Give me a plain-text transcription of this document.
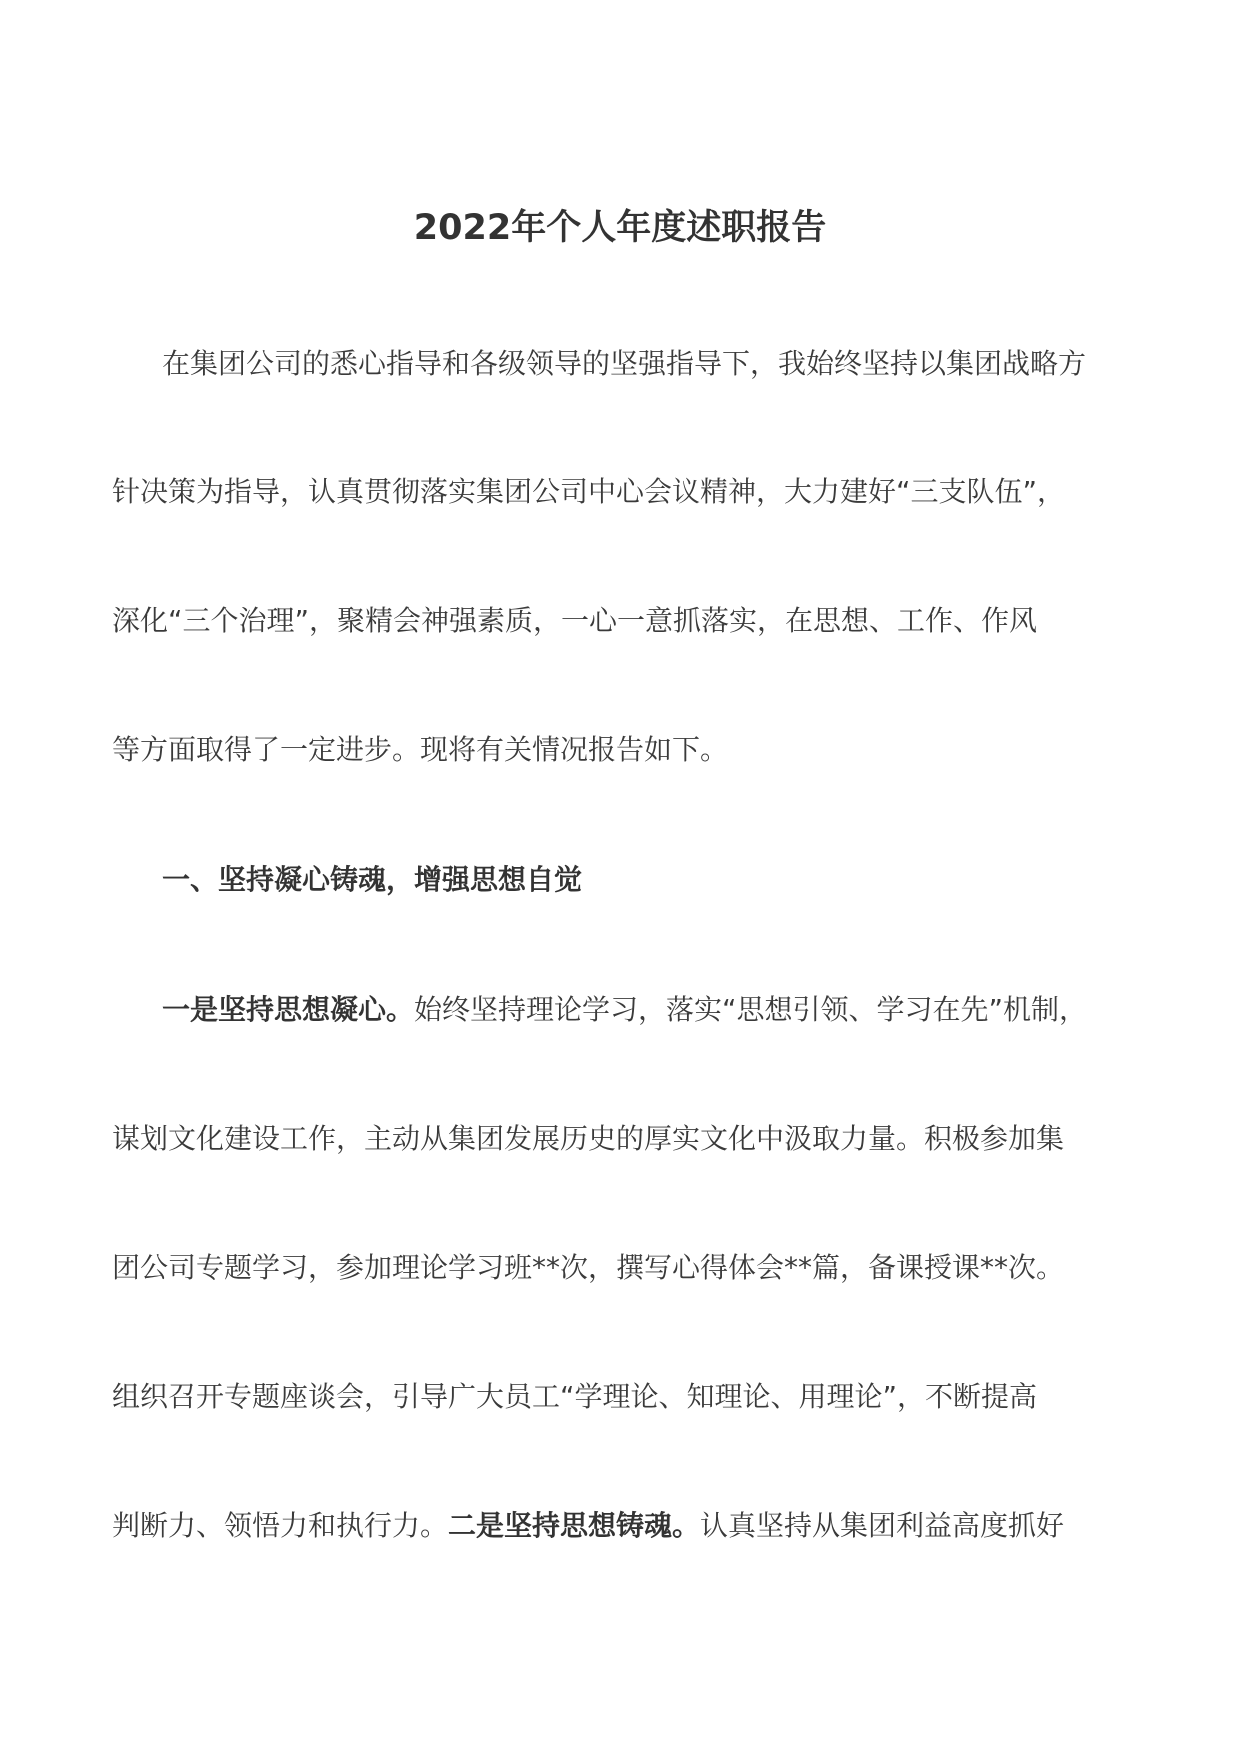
2022年个人年度述职报告
在集团公司的悉心指导和各级领导的坚强指导下，我始终坚持以集团战略方
针决策为指导，认真贯彻落实集团公司中心会议精神，大力建好“三支队伍”，
深化“三个治理”，聚精会神强素质，一心一意抓落实，在思想、工作、作风
等方面取得了一定进步。现将有关情况报告如下。
一、坚持凝心铸魂，增强思想自觉
一是坚持思想凝心。始终坚持理论学习，落实“思想引领、学习在先”机制，
谋划文化建设工作，主动从集团发展历史的厚实文化中汲取力量。积极参加集
团公司专题学习，参加理论学习班**次，撰写心得体会**篇，备课授课**次。
组织召开专题座谈会，引导广大员工“学理论、知理论、用理论”，不断提高
判断力、领悟力和执行力。二是坚持思想铸魂。认真坚持从集团利益高度抓好
